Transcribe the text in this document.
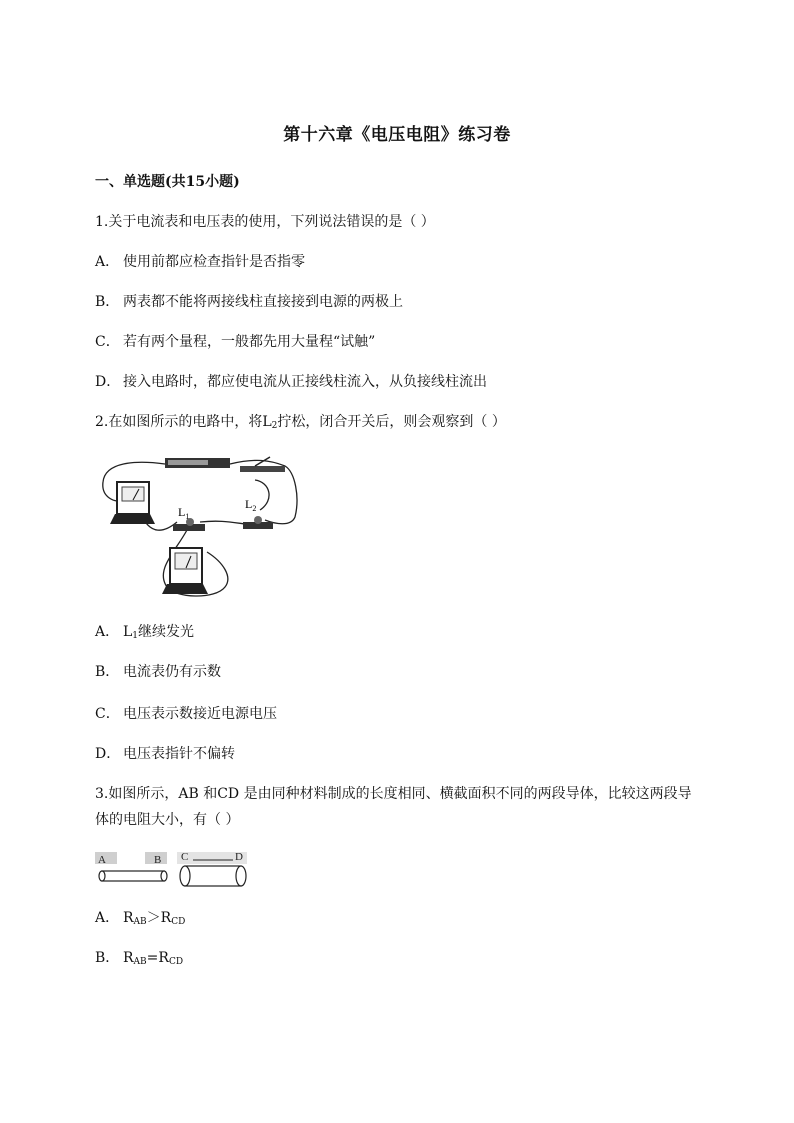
第十六章《电压电阻》练习卷
一、单选题(共15小题)
1.关于电流表和电压表的使用，下列说法错误的是（ ）
A． 使用前都应检查指针是否指零
B． 两表都不能将两接线柱直接接到电源的两极上
C． 若有两个量程，一般都先用大量程“试触”
D． 接入电路时，都应使电流从正接线柱流入，从负接线柱流出
2.在如图所示的电路中，将$L_2$拧松，闭合开关后，则会观察到（ ）
$L_1$
$L_2$
A． $L_1$继续发光
B． 电流表仍有示数
C． 电压表示数接近电源电压
D． 电压表指针不偏转
3.如图所示，AB 和CD 是由同种材料制成的长度相同、横截面积不同的两段导体，比较这两段导
体的电阻大小，有（ ）
A	B C	D
A． $R_{AB}>R_{CD}$
B． $R_{AB}=R_{CD}$
